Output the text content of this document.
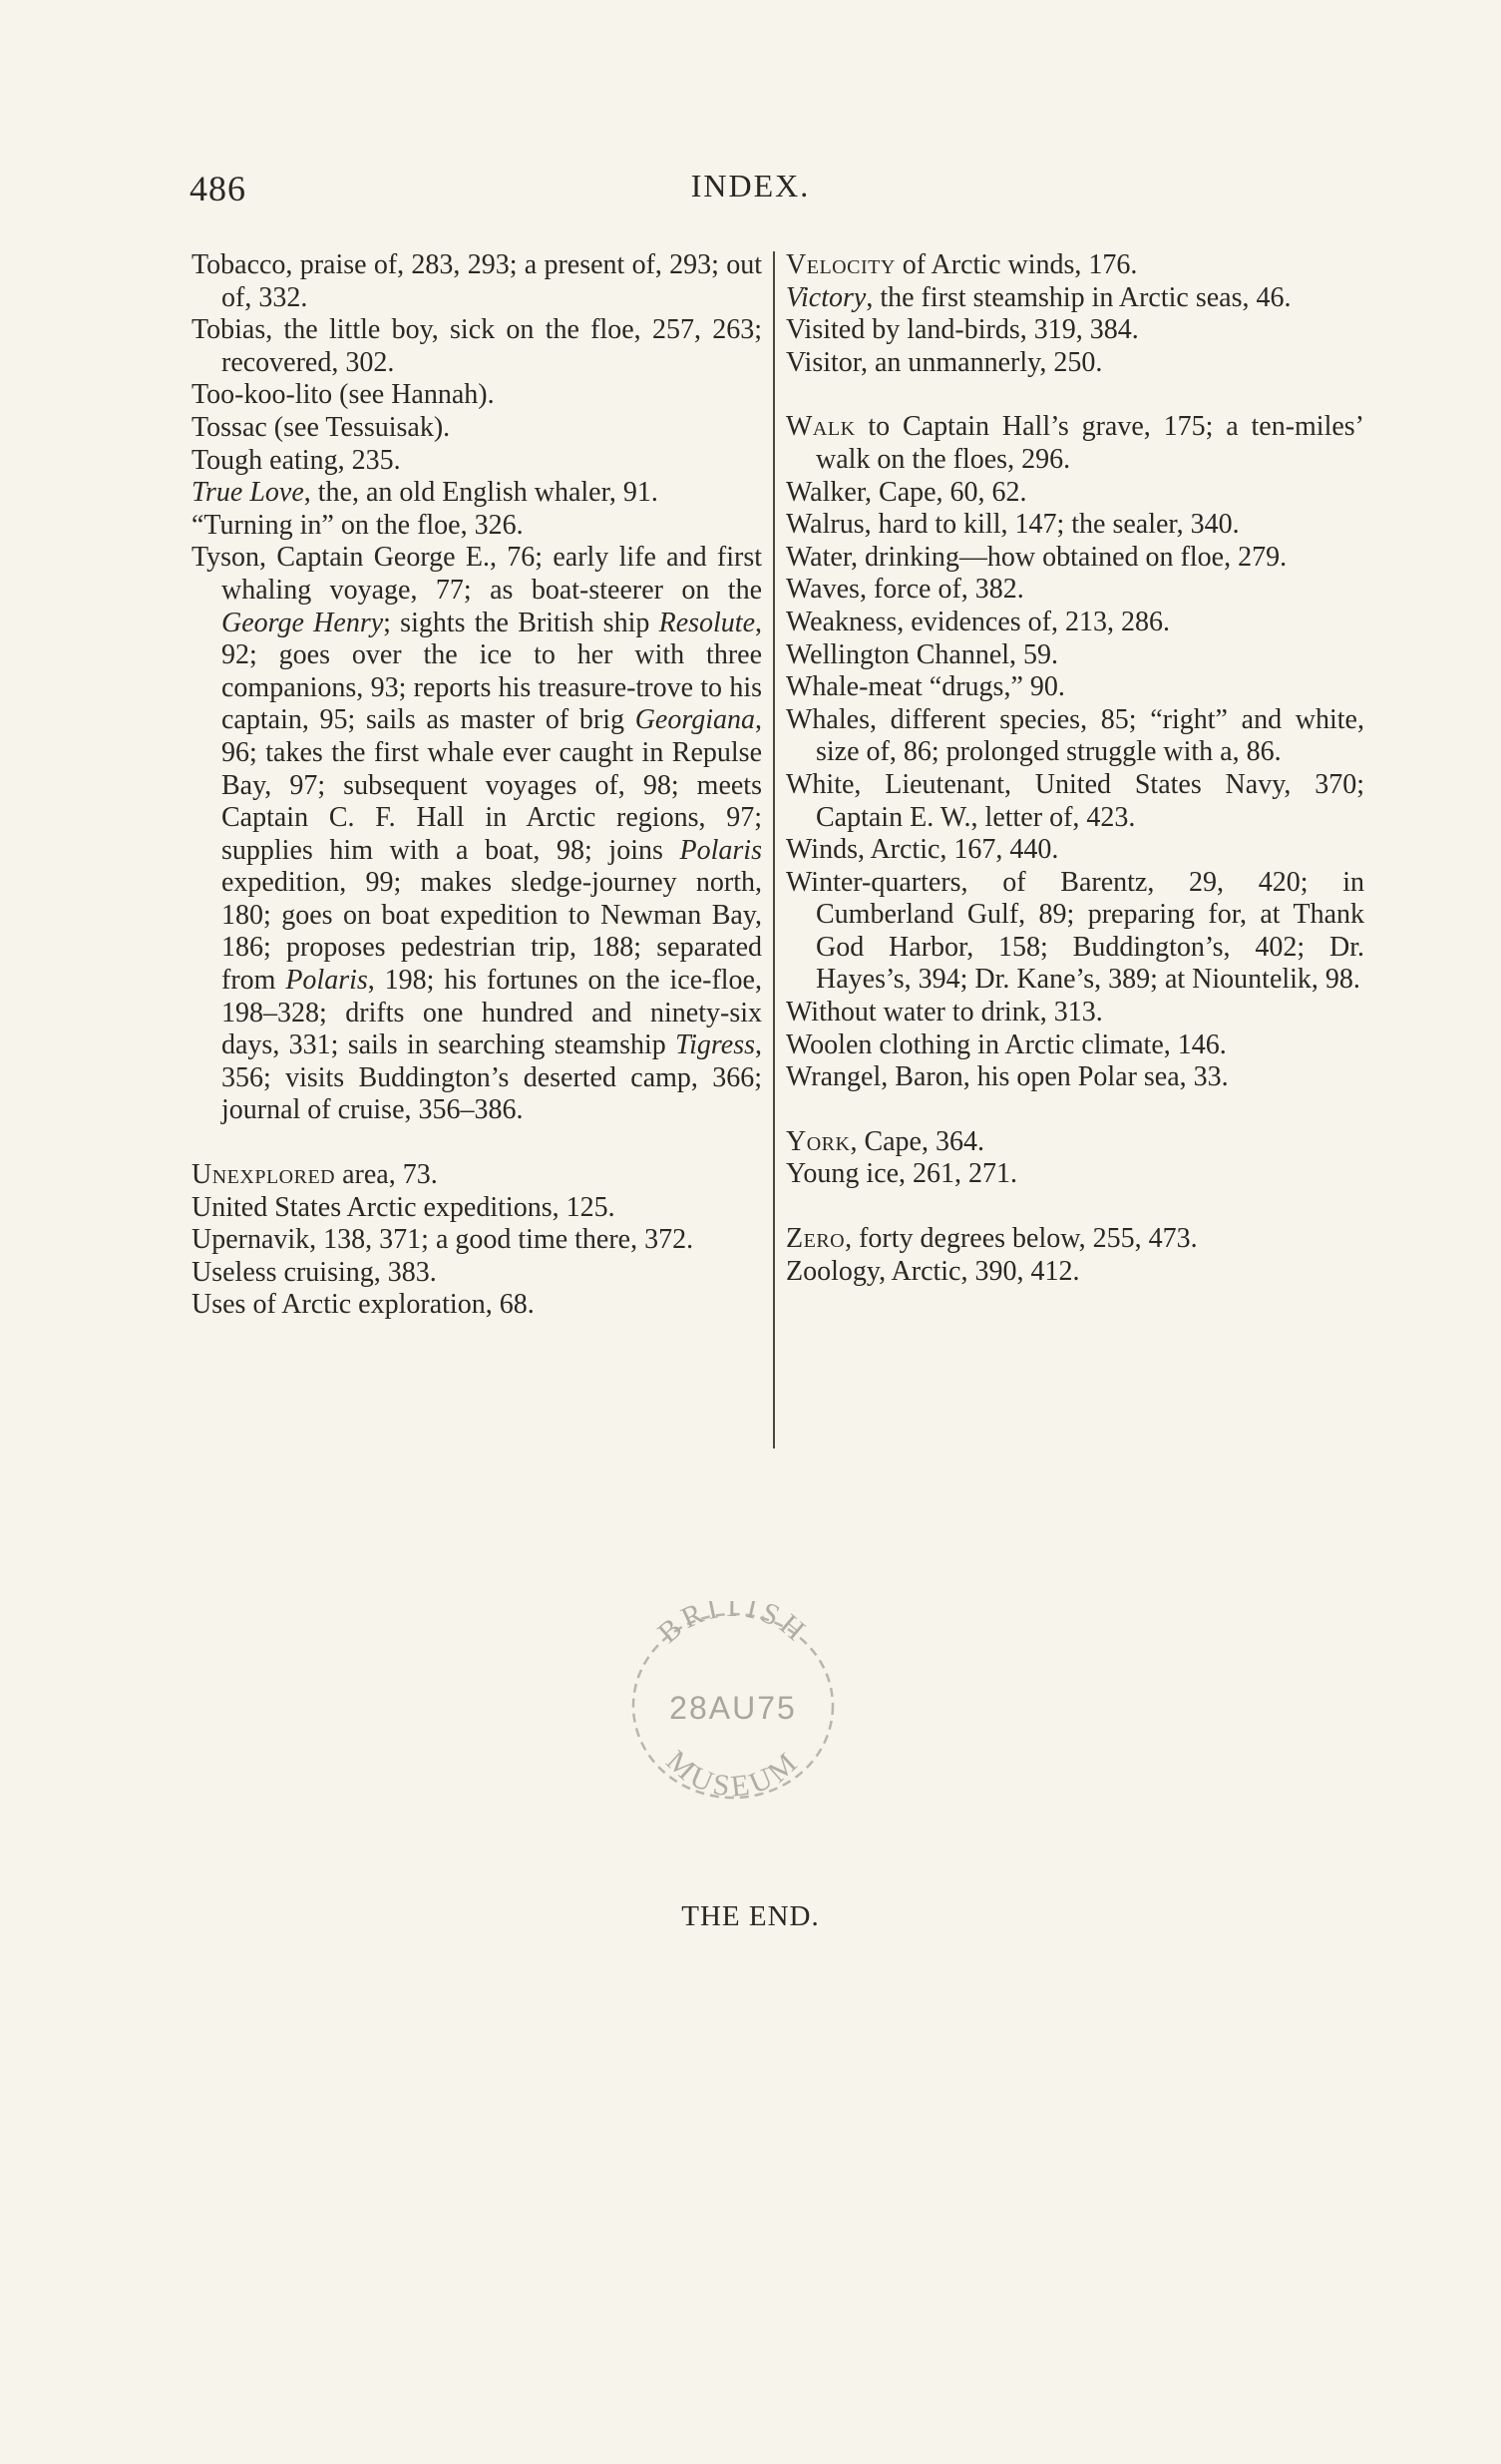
486	INDEX.

Tobacco, praise of, 283, 293; a present of, 293; out of, 332.

Tobias, the little boy, sick on the floe, 257, 263; recovered, 302.

Too-koo-lito (see Hannah).

Tossac (see Tessuisak).

Tough eating, 235.

True Love, the, an old English whaler, 91.

“Turning in” on the floe, 326.

Tyson, Captain George E., 76; early life and first whaling voyage, 77; as boat-steerer on the George Henry; sights the British ship Resolute, 92; goes over the ice to her with three companions, 93; reports his treasure-trove to his captain, 95; sails as master of brig Georgiana, 96; takes the first whale ever caught in Repulse Bay, 97; subsequent voyages of, 98; meets Captain C. F. Hall in Arctic regions, 97; supplies him with a boat, 98; joins Polaris expedition, 99; makes sledge-journey north, 180; goes on boat expedition to Newman Bay, 186; proposes pedestrian trip, 188; separated from Polaris, 198; his fortunes on the ice-floe, 198–328; drifts one hundred and ninety-six days, 331; sails in searching steamship Tigress, 356; visits Buddington’s deserted camp, 366; journal of cruise, 356–386.

Unexplored area, 73.

United States Arctic expeditions, 125.

Upernavik, 138, 371; a good time there, 372.

Useless cruising, 383.

Uses of Arctic exploration, 68.

Velocity of Arctic winds, 176.

Victory, the first steamship in Arctic seas, 46.

Visited by land-birds, 319, 384.

Visitor, an unmannerly, 250.

Walk to Captain Hall’s grave, 175; a ten-miles’ walk on the floes, 296.

Walker, Cape, 60, 62.

Walrus, hard to kill, 147; the sealer, 340.

Water, drinking—how obtained on floe, 279.

Waves, force of, 382.

Weakness, evidences of, 213, 286.

Wellington Channel, 59.

Whale-meat “drugs,” 90.

Whales, different species, 85; “right” and white, size of, 86; prolonged struggle with a, 86.

White, Lieutenant, United States Navy, 370; Captain E. W., letter of, 423.

Winds, Arctic, 167, 440.

Winter-quarters, of Barentz, 29, 420; in Cumberland Gulf, 89; preparing for, at Thank God Harbor, 158; Buddington’s, 402; Dr. Hayes’s, 394; Dr. Kane’s, 389; at Niountelik, 98.

Without water to drink, 313.

Woolen clothing in Arctic climate, 146.

Wrangel, Baron, his open Polar sea, 33.

York, Cape, 364.

Young ice, 261, 271.

Zero, forty degrees below, 255, 473.

Zoology, Arctic, 390, 412.

BRITISH
28AU75
MUSEUM
THE END.
